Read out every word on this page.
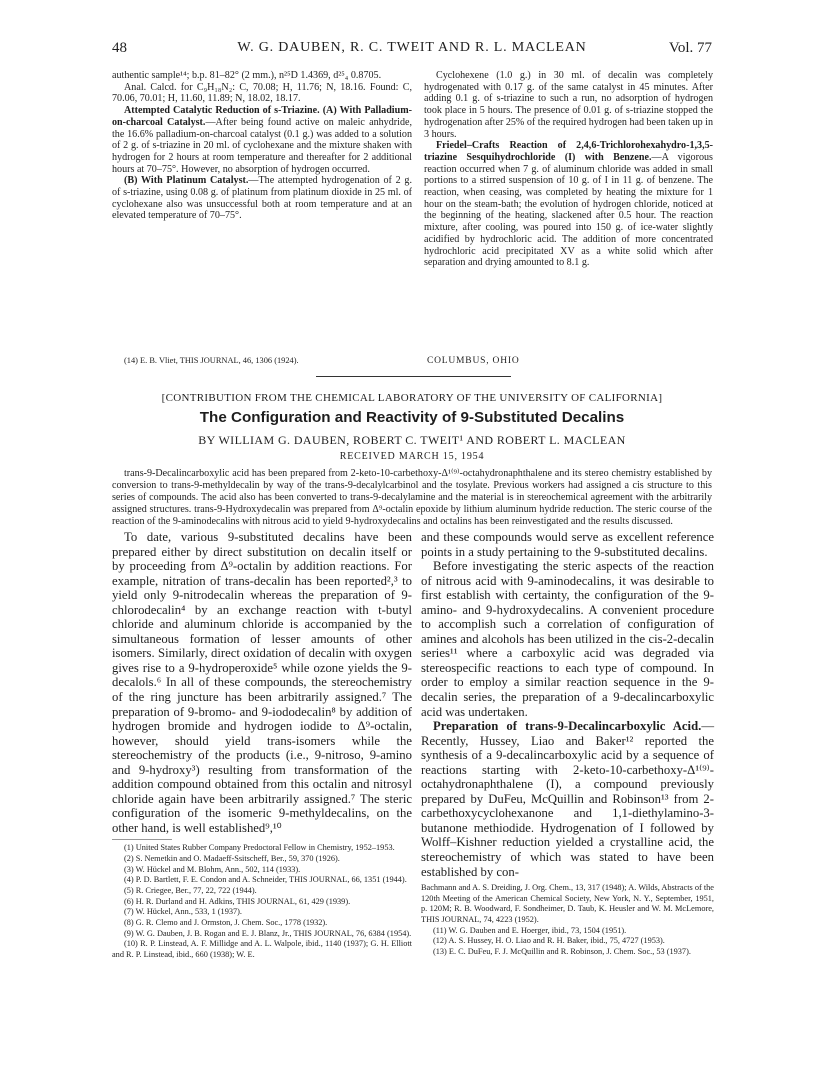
48	W. G. DAUBEN, R. C. TWEIT AND R. L. MACLEAN	Vol. 77

authentic sample¹⁴; b.p. 81–82° (2 mm.), n²⁵D 1.4369, d²⁵₄ 0.8705.

Anal. Calcd. for C₉H₁₈N₂: C, 70.08; H, 11.76; N, 18.16. Found: C, 70.06, 70.01; H, 11.60, 11.89; N, 18.02, 18.17.

Attempted Catalytic Reduction of s-Triazine. (A) With Palladium-on-charcoal Catalyst.—After being found active on maleic anhydride, the 16.6% palladium-on-charcoal catalyst (0.1 g.) was added to a solution of 2 g. of s-triazine in 20 ml. of cyclohexane and the mixture shaken with hydrogen for 2 hours at room temperature and thereafter for 2 additional hours at 70–75°. However, no absorption of hydrogen occurred.

(B) With Platinum Catalyst.—The attempted hydrogenation of 2 g. of s-triazine, using 0.08 g. of platinum from platinum dioxide in 25 ml. of cyclohexane also was unsuccessful both at room temperature and at an elevated temperature of 70–75°.

Cyclohexene (1.0 g.) in 30 ml. of decalin was completely hydrogenated with 0.17 g. of the same catalyst in 45 minutes. After adding 0.1 g. of s-triazine to such a run, no adsorption of hydrogen took place in 5 hours. The presence of 0.01 g. of s-triazine stopped the hydrogenation after 25% of the required hydrogen had been taken up in 3 hours.

Friedel–Crafts Reaction of 2,4,6-Trichlorohexahydro-1,3,5-triazine Sesquihydrochloride (I) with Benzene.—A vigorous reaction occurred when 7 g. of aluminum chloride was added in small portions to a stirred suspension of 10 g. of I in 11 g. of benzene. The reaction, when ceasing, was completed by heating the mixture for 1 hour on the steam-bath; the evolution of hydrogen chloride, noticed at the beginning of the heating, slackened after 0.5 hour. The reaction mixture, after cooling, was poured into 150 g. of ice-water slightly acidified by hydrochloric acid. The addition of more concentrated hydrochloric acid precipitated XV as a white solid which after separation and drying amounted to 8.1 g.

(14) E. B. Vliet, THIS JOURNAL, 46, 1306 (1924).	COLUMBUS, OHIO
[CONTRIBUTION FROM THE CHEMICAL LABORATORY OF THE UNIVERSITY OF CALIFORNIA]
The Configuration and Reactivity of 9-Substituted Decalins
BY WILLIAM G. DAUBEN, ROBERT C. TWEIT¹ AND ROBERT L. MACLEAN
RECEIVED MARCH 15, 1954

trans-9-Decalincarboxylic acid has been prepared from 2-keto-10-carbethoxy-Δ¹⁽⁹⁾-octahydronaphthalene and its stereo chemistry established by conversion to trans-9-methyldecalin by way of the trans-9-decalylcarbinol and the tosylate. Previous workers had assigned a cis structure to this series of compounds. The acid also has been converted to trans-9-decalylamine and the material is in stereochemical agreement with the arbitrarily assigned structures. trans-9-Hydroxydecalin was prepared from Δ⁹-octalin epoxide by lithium aluminum hydride reduction. The steric course of the reaction of the 9-aminodecalins with nitrous acid to yield 9-hydroxydecalins and octalins has been reinvestigated and the results discussed.

To date, various 9-substituted decalins have been prepared either by direct substitution on decalin itself or by proceeding from Δ⁹-octalin by addition reactions. For example, nitration of trans-decalin has been reported²,³ to yield only 9-nitrodecalin whereas the preparation of 9-chlorodecalin⁴ by an exchange reaction with t-butyl chloride and aluminum chloride is accompanied by the simultaneous formation of lesser amounts of other isomers. Similarly, direct oxidation of decalin with oxygen gives rise to a 9-hydroperoxide⁵ while ozone yields the 9-decalols.⁶ In all of these compounds, the stereochemistry of the ring juncture has been arbitrarily assigned.⁷ The preparation of 9-bromo- and 9-iododecalin⁸ by addition of hydrogen bromide and hydrogen iodide to Δ⁹-octalin, however, should yield trans-isomers while the stereochemistry of the products (i.e., 9-nitroso, 9-amino and 9-hydroxy³) resulting from transformation of the addition compound obtained from this octalin and nitrosyl chloride again have been arbitrarily assigned.⁷ The steric configuration of the isomeric 9-methyldecalins, on the other hand, is well established⁹,¹⁰

(1) United States Rubber Company Predoctoral Fellow in Chemistry, 1952–1953.

(2) S. Nemetkin and O. Madaeff-Ssitscheff, Ber., 59, 370 (1926).

(3) W. Hückel and M. Blohm, Ann., 502, 114 (1933).

(4) P. D. Bartlett, F. E. Condon and A. Schneider, THIS JOURNAL, 66, 1351 (1944).

(5) R. Criegee, Ber., 77, 22, 722 (1944).

(6) H. R. Durland and H. Adkins, THIS JOURNAL, 61, 429 (1939).

(7) W. Hückel, Ann., 533, 1 (1937).

(8) G. R. Clemo and J. Ormston, J. Chem. Soc., 1778 (1932).

(9) W. G. Dauben, J. B. Rogan and E. J. Blanz, Jr., THIS JOURNAL, 76, 6384 (1954).

(10) R. P. Linstead, A. F. Millidge and A. L. Walpole, ibid., 1140 (1937); G. H. Elliott and R. P. Linstead, ibid., 660 (1938); W. E.

and these compounds would serve as excellent reference points in a study pertaining to the 9-substituted decalins.

Before investigating the steric aspects of the reaction of nitrous acid with 9-aminodecalins, it was desirable to first establish with certainty, the configuration of the 9-amino- and 9-hydroxydecalins. A convenient procedure to accomplish such a correlation of configuration of amines and alcohols has been utilized in the cis-2-decalin series¹¹ where a carboxylic acid was degraded via stereospecific reactions to each type of compound. In order to employ a similar reaction sequence in the 9-decalin series, the preparation of a 9-decalincarboxylic acid was undertaken.

Preparation of trans-9-Decalincarboxylic Acid.—Recently, Hussey, Liao and Baker¹² reported the synthesis of a 9-decalincarboxylic acid by a sequence of reactions starting with 2-keto-10-carbethoxy-Δ¹⁽⁹⁾-octahydronaphthalene (I), a compound previously prepared by DuFeu, McQuillin and Robinson¹³ from 2-carbethoxycyclohexanone and 1,1-diethylamino-3-butanone methiodide. Hydrogenation of I followed by Wolff–Kishner reduction yielded a crystalline acid, the stereochemistry of which was stated to have been established by con-

Bachmann and A. S. Dreiding, J. Org. Chem., 13, 317 (1948); A. Wilds, Abstracts of the 120th Meeting of the American Chemical Society, New York, N. Y., September, 1951, p. 120M; R. B. Woodward, F. Sondheimer, D. Taub, K. Heusler and W. M. McLemore, THIS JOURNAL, 74, 4223 (1952).

(11) W. G. Dauben and E. Hoerger, ibid., 73, 1504 (1951).

(12) A. S. Hussey, H. O. Liao and R. H. Baker, ibid., 75, 4727 (1953).

(13) E. C. DuFeu, F. J. McQuillin and R. Robinson, J. Chem. Soc., 53 (1937).
